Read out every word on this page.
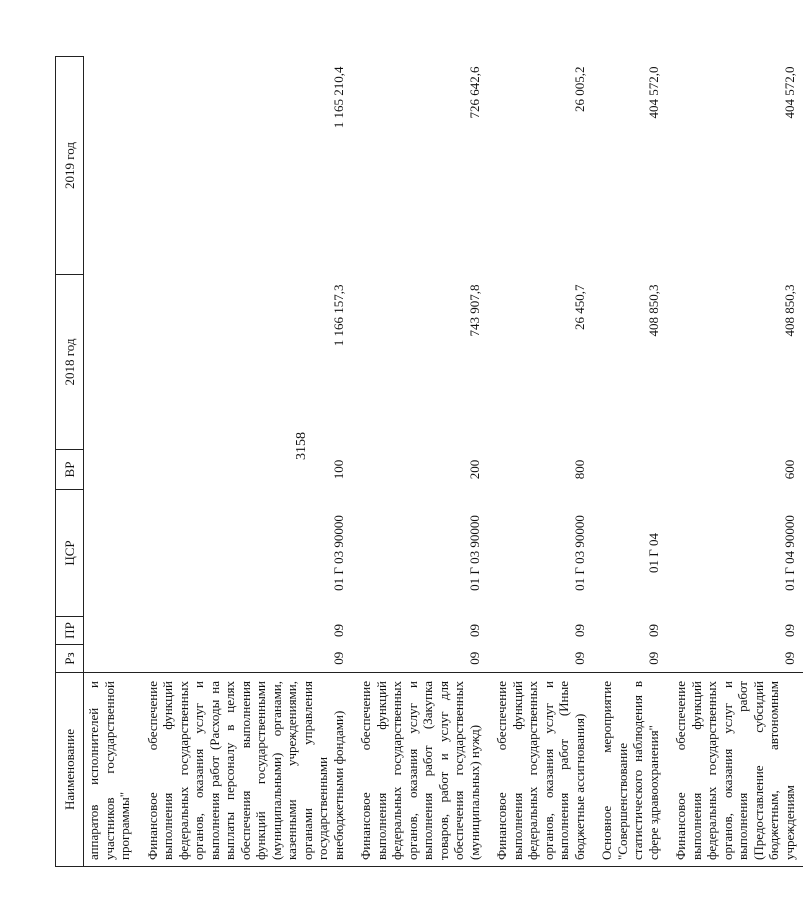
3158
Наименование	Рз	ПР	ЦСР	ВР	2018 год	2019 год
аппаратов исполнителей и участников государственной программы"						
Финансовое обеспечение выполнения функций федеральных государственных органов, оказания услуг и выполнения работ (Расходы на выплаты персоналу в целях обеспечения выполнения функций государственными (муниципальными) органами, казенными учреждениями, органами управления государственными внебюджетными фондами)	09	09	01 Г 03 90000	100	1 166 157,3	1 165 210,4
Финансовое обеспечение выполнения функций федеральных государственных органов, оказания услуг и выполнения работ (Закупка товаров, работ и услуг для обеспечения государственных (муниципальных) нужд)	09	09	01 Г 03 90000	200	743 907,8	726 642,6
Финансовое обеспечение выполнения функций федеральных государственных органов, оказания услуг и выполнения работ (Иные бюджетные ассигнования)	09	09	01 Г 03 90000	800	26 450,7	26 005,2
Основное мероприятие "Совершенствование статистического наблюдения в сфере здравоохранения"	09	09	01 Г 04		408 850,3	404 572,0
Финансовое обеспечение выполнения функций федеральных государственных органов, оказания услуг и выполнения работ (Предоставление субсидий бюджетным, автономным учреждениям	09	09	01 Г 04 90000	600	408 850,3	404 572,0
